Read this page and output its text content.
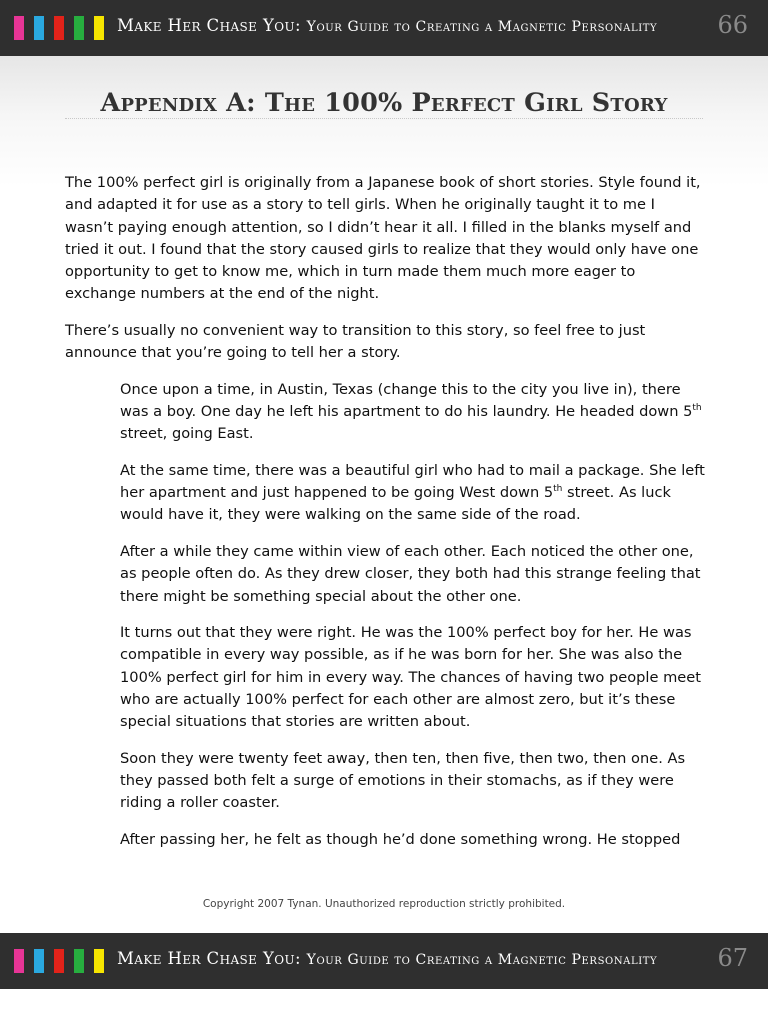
Make Her Chase You: Your Guide to Creating a Magnetic Personality	66
Appendix A: The 100% Perfect Girl Story

The 100% perfect girl is originally from a Japanese book of short stories. Style found it, and adapted it for use as a story to tell girls. When he originally taught it to me I wasn’t paying enough attention, so I didn’t hear it all. I filled in the blanks myself and tried it out. I found that the story caused girls to realize that they would only have one opportunity to get to know me, which in turn made them much more eager to exchange numbers at the end of the night.

There’s usually no convenient way to transition to this story, so feel free to just announce that you’re going to tell her a story.

Once upon a time, in Austin, Texas (change this to the city you live in), there was a boy. One day he left his apartment to do his laundry. He headed down 5th street, going East.

At the same time, there was a beautiful girl who had to mail a package. She left her apartment and just happened to be going West down 5th street. As luck would have it, they were walking on the same side of the road.

After a while they came within view of each other. Each noticed the other one, as people often do. As they drew closer, they both had this strange feeling that there might be something special about the other one.

It turns out that they were right. He was the 100% perfect boy for her. He was compatible in every way possible, as if he was born for her. She was also the 100% perfect girl for him in every way. The chances of having two people meet who are actually 100% perfect for each other are almost zero, but it’s these special situations that stories are written about.

Soon they were twenty feet away, then ten, then five, then two, then one. As they passed both felt a surge of emotions in their stomachs, as if they were riding a roller coaster.

After passing her, he felt as though he’d done something wrong. He stopped

Copyright 2007 Tynan. Unauthorized reproduction strictly prohibited.
Make Her Chase You: Your Guide to Creating a Magnetic Personality	67
